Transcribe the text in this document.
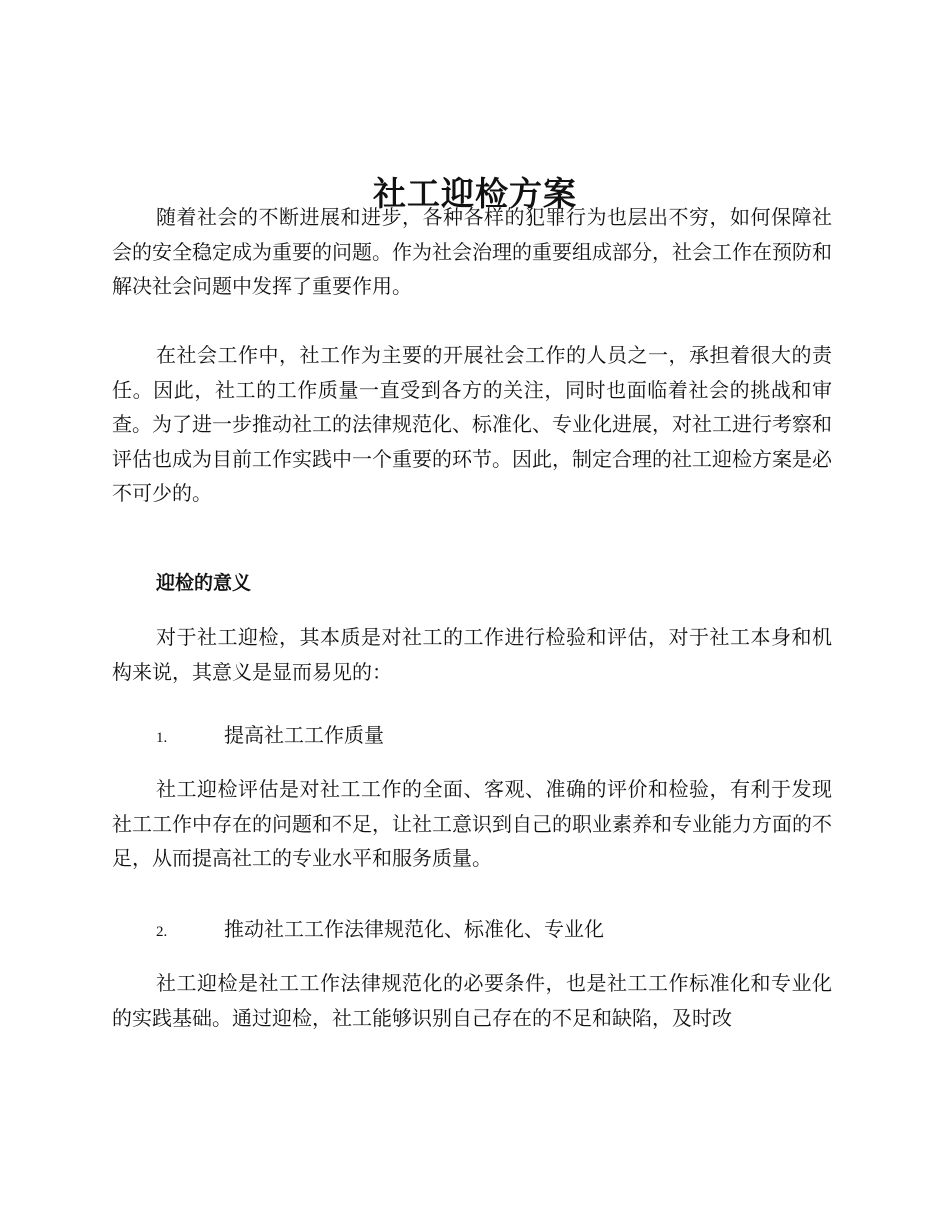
社工迎检方案

随着社会的不断进展和进步，各种各样的犯罪行为也层出不穷，如何保障社会的安全稳定成为重要的问题。作为社会治理的重要组成部分，社会工作在预防和解决社会问题中发挥了重要作用。

在社会工作中，社工作为主要的开展社会工作的人员之一，承担着很大的责任。因此，社工的工作质量一直受到各方的关注，同时也面临着社会的挑战和审查。为了进一步推动社工的法律规范化、标准化、专业化进展，对社工进行考察和评估也成为目前工作实践中一个重要的环节。因此，制定合理的社工迎检方案是必不可少的。

迎检的意义

对于社工迎检，其本质是对社工的工作进行检验和评估，对于社工本身和机构来说，其意义是显而易见的：

1.	提高社工工作质量

社工迎检评估是对社工工作的全面、客观、准确的评价和检验，有利于发现社工工作中存在的问题和不足，让社工意识到自己的职业素养和专业能力方面的不足，从而提高社工的专业水平和服务质量。

2.	推动社工工作法律规范化、标准化、专业化

社工迎检是社工工作法律规范化的必要条件，也是社工工作标准化和专业化的实践基础。通过迎检，社工能够识别自己存在的不足和缺陷，及时改
